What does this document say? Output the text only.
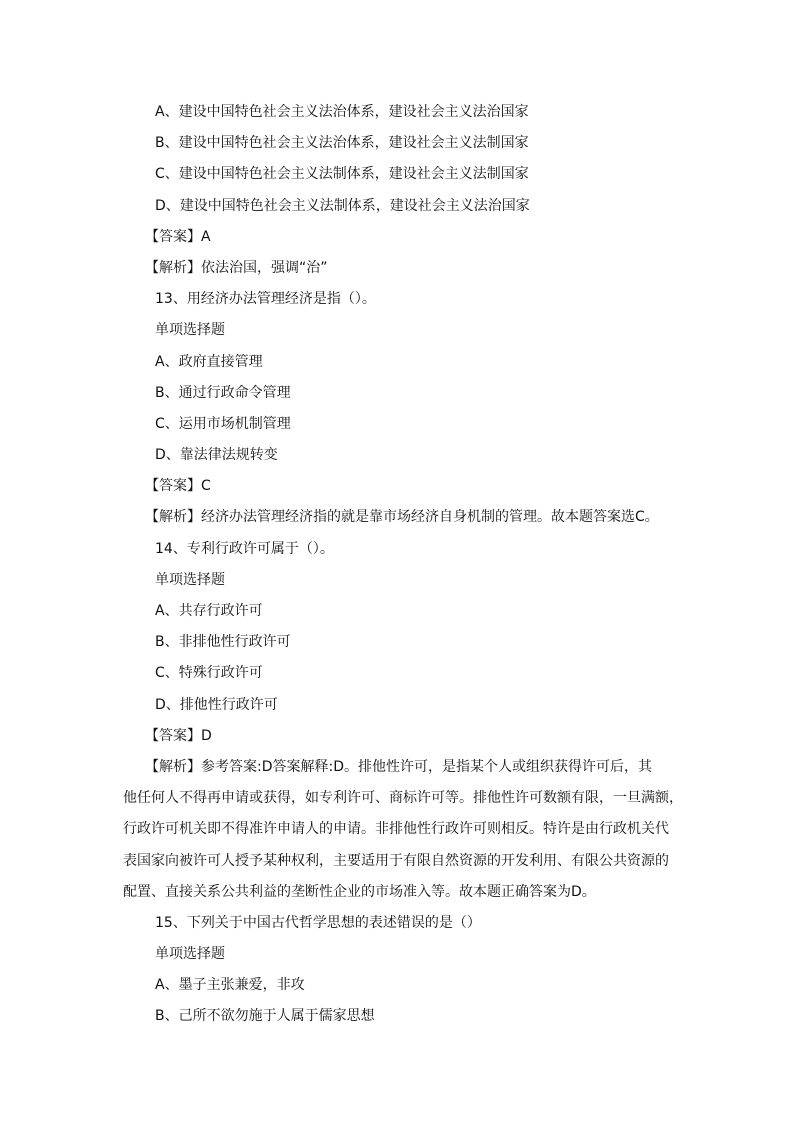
A、建设中国特色社会主义法治体系，建设社会主义法治国家
B、建设中国特色社会主义法治体系，建设社会主义法制国家
C、建设中国特色社会主义法制体系，建设社会主义法制国家
D、建设中国特色社会主义法制体系，建设社会主义法治国家
【答案】A
【解析】依法治国，强调“治”
13、用经济办法管理经济是指（）。
单项选择题
A、政府直接管理
B、通过行政命令管理
C、运用市场机制管理
D、靠法律法规转变
【答案】C
【解析】经济办法管理经济指的就是靠市场经济自身机制的管理。故本题答案选C。
14、专利行政许可属于（）。
单项选择题
A、共存行政许可
B、非排他性行政许可
C、特殊行政许可
D、排他性行政许可
【答案】D
【解析】参考答案:D答案解释:D。排他性许可，是指某个人或组织获得许可后，其
他任何人不得再申请或获得，如专利许可、商标许可等。排他性许可数额有限，一旦满额，
行政许可机关即不得准许申请人的申请。非排他性行政许可则相反。特许是由行政机关代
表国家向被许可人授予某种权利，主要适用于有限自然资源的开发利用、有限公共资源的
配置、直接关系公共利益的垄断性企业的市场准入等。故本题正确答案为D。
15、下列关于中国古代哲学思想的表述错误的是（）
单项选择题
A、墨子主张兼爱，非攻
B、己所不欲勿施于人属于儒家思想
